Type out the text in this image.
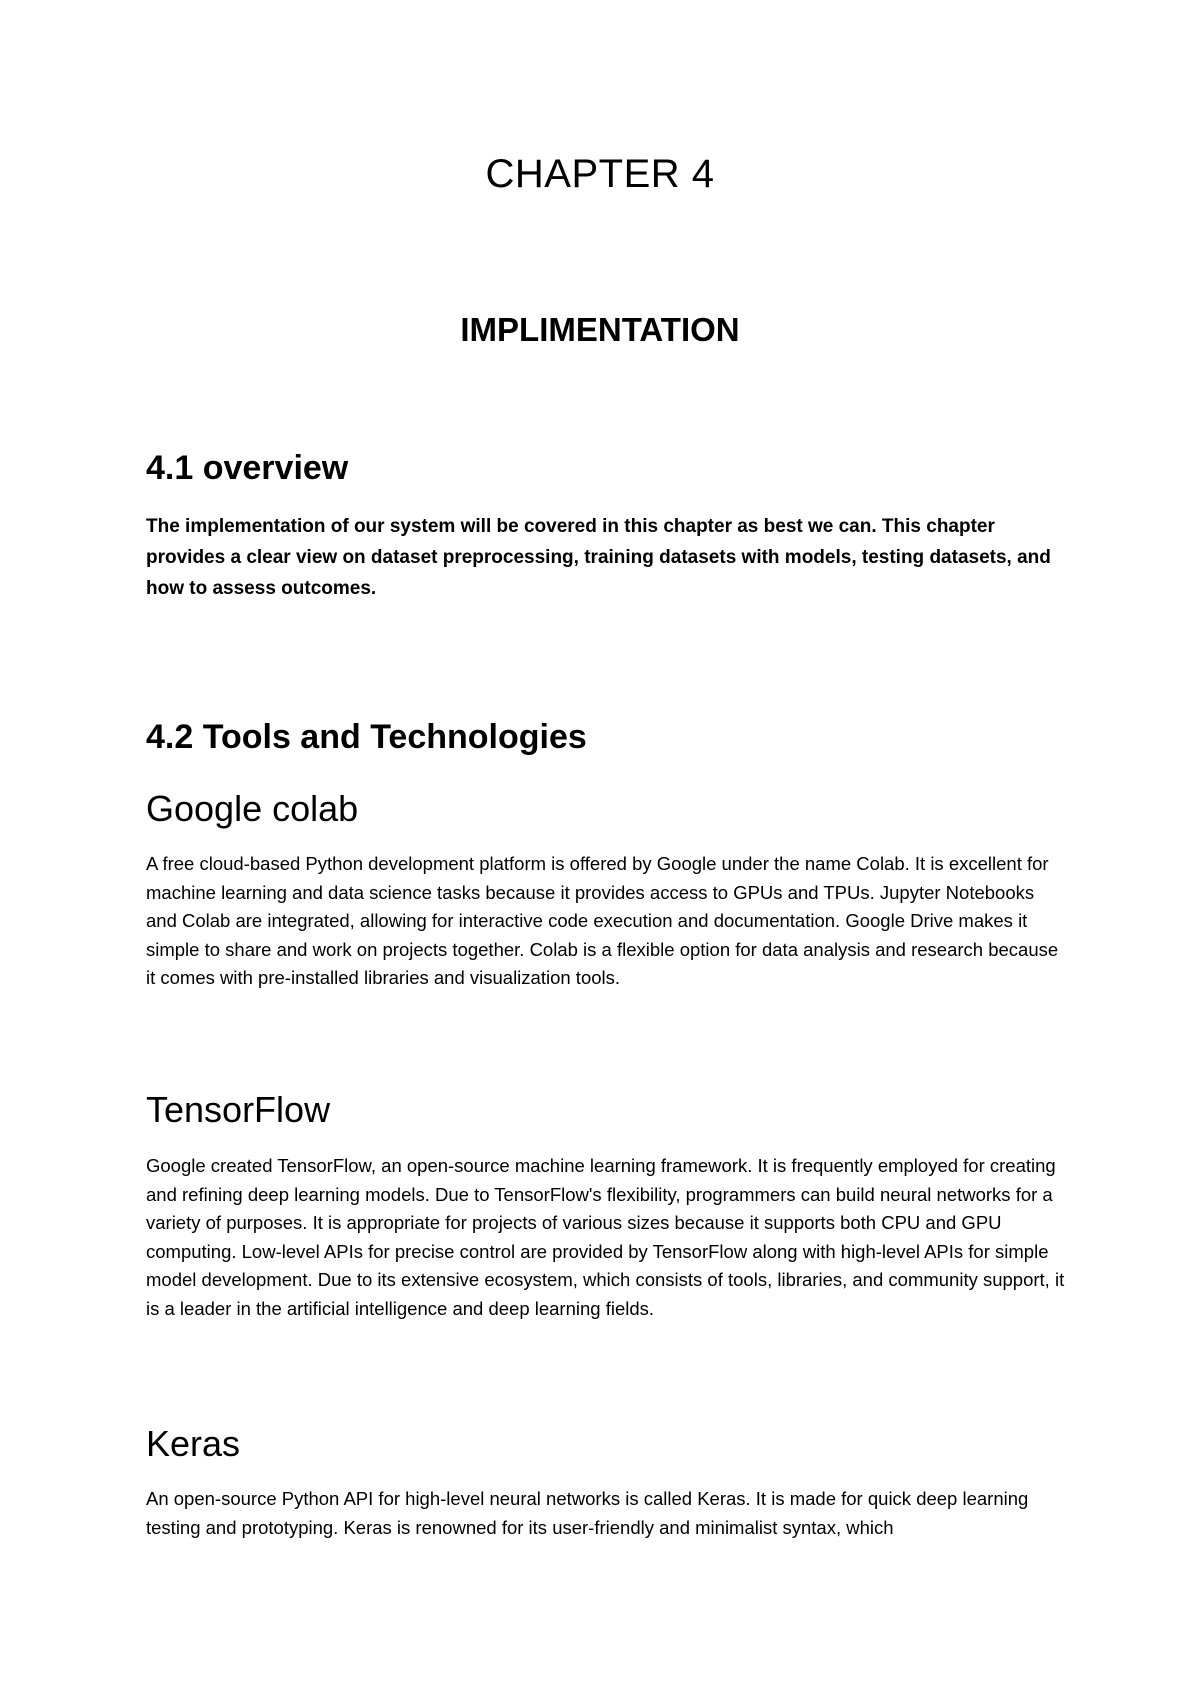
CHAPTER 4
IMPLIMENTATION
4.1 overview

The implementation of our system will be covered in this chapter as best we can. This chapter provides a clear view on dataset preprocessing, training datasets with models, testing datasets, and how to assess outcomes.

4.2 Tools and Technologies
Google colab

A free cloud-based Python development platform is offered by Google under the name Colab. It is excellent for machine learning and data science tasks because it provides access to GPUs and TPUs. Jupyter Notebooks and Colab are integrated, allowing for interactive code execution and documentation. Google Drive makes it simple to share and work on projects together. Colab is a flexible option for data analysis and research because it comes with pre-installed libraries and visualization tools.

TensorFlow

Google created TensorFlow, an open-source machine learning framework. It is frequently employed for creating and refining deep learning models. Due to TensorFlow's flexibility, programmers can build neural networks for a variety of purposes. It is appropriate for projects of various sizes because it supports both CPU and GPU computing. Low-level APIs for precise control are provided by TensorFlow along with high-level APIs for simple model development. Due to its extensive ecosystem, which consists of tools, libraries, and community support, it is a leader in the artificial intelligence and deep learning fields.

Keras

An open-source Python API for high-level neural networks is called Keras. It is made for quick deep learning testing and prototyping. Keras is renowned for its user-friendly and minimalist syntax, which
